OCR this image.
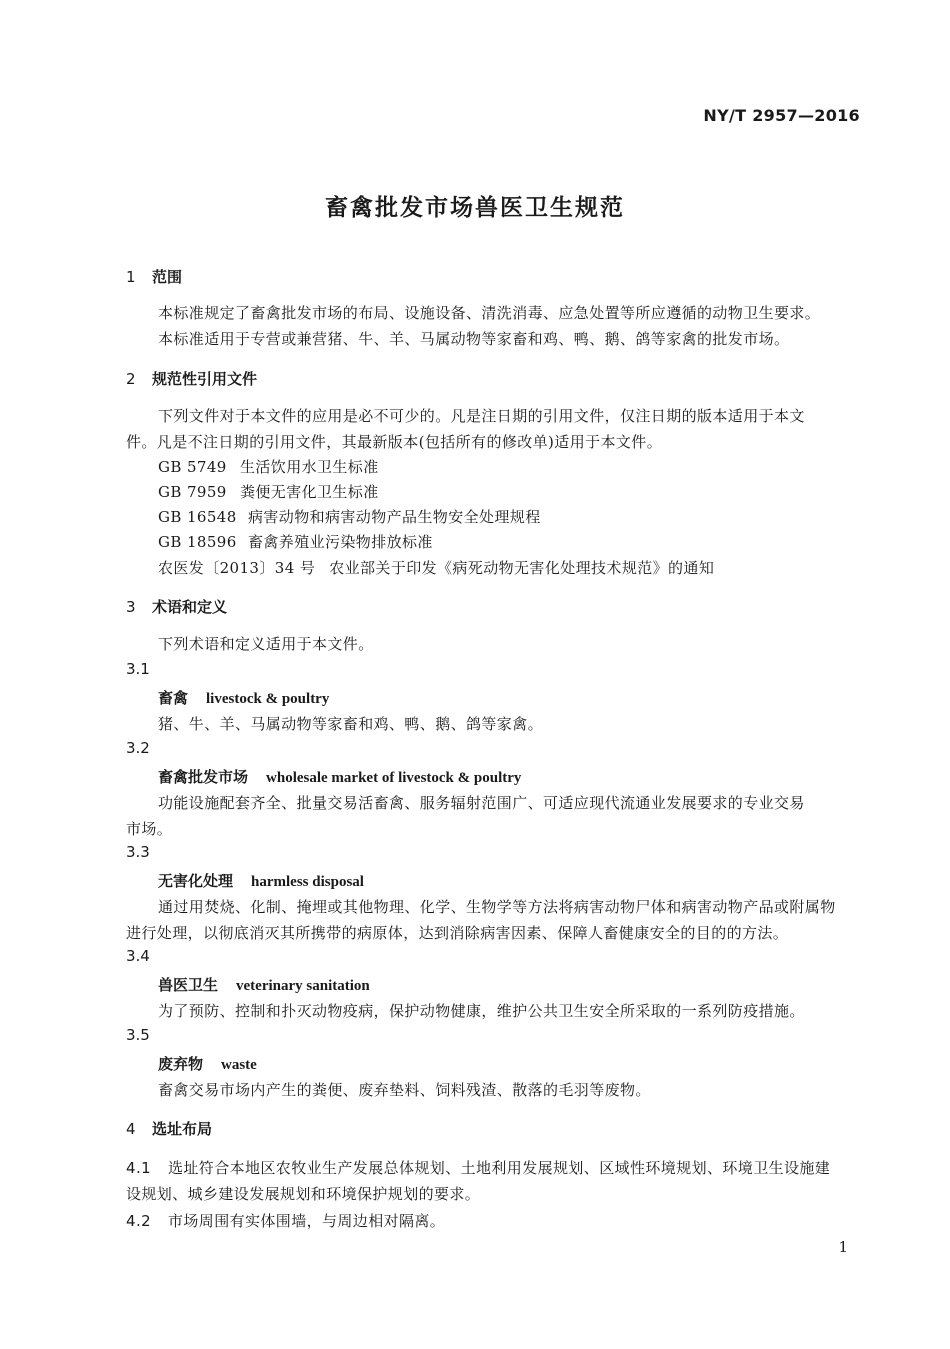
NY/T 2957—2016
畜禽批发市场兽医卫生规范
1 范围
本标准规定了畜禽批发市场的布局、设施设备、清洗消毒、应急处置等所应遵循的动物卫生要求。
本标准适用于专营或兼营猪、牛、羊、马属动物等家畜和鸡、鸭、鹅、鸽等家禽的批发市场。
2 规范性引用文件
下列文件对于本文件的应用是必不可少的。凡是注日期的引用文件，仅注日期的版本适用于本文
件。凡是不注日期的引用文件，其最新版本(包括所有的修改单)适用于本文件。
GB 5749 生活饮用水卫生标准
GB 7959 粪便无害化卫生标准
GB 16548 病害动物和病害动物产品生物安全处理规程
GB 18596 畜禽养殖业污染物排放标准
农医发〔2013〕34 号 农业部关于印发《病死动物无害化处理技术规范》的通知
3 术语和定义
下列术语和定义适用于本文件。
3.1
畜禽 livestock & poultry
猪、牛、羊、马属动物等家畜和鸡、鸭、鹅、鸽等家禽。
3.2
畜禽批发市场 wholesale market of livestock & poultry
功能设施配套齐全、批量交易活畜禽、服务辐射范围广、可适应现代流通业发展要求的专业交易
市场。
3.3
无害化处理 harmless disposal
通过用焚烧、化制、掩埋或其他物理、化学、生物学等方法将病害动物尸体和病害动物产品或附属物
进行处理，以彻底消灭其所携带的病原体，达到消除病害因素、保障人畜健康安全的目的的方法。
3.4
兽医卫生 veterinary sanitation
为了预防、控制和扑灭动物疫病，保护动物健康，维护公共卫生安全所采取的一系列防疫措施。
3.5
废弃物 waste
畜禽交易市场内产生的粪便、废弃垫料、饲料残渣、散落的毛羽等废物。
4 选址布局
4.1 选址符合本地区农牧业生产发展总体规划、土地利用发展规划、区域性环境规划、环境卫生设施建
设规划、城乡建设发展规划和环境保护规划的要求。
4.2 市场周围有实体围墙，与周边相对隔离。
1
